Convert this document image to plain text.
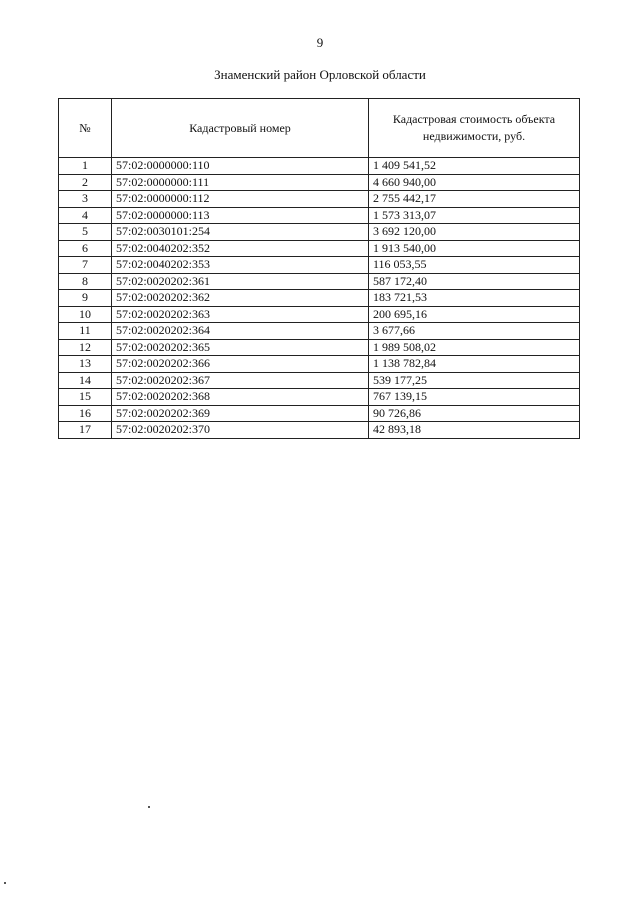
9
Знаменский район Орловской области
№	Кадастровый номер	Кадастровая стоимость объекта недвижимости, руб.
1	57:02:0000000:110	1 409 541,52
2	57:02:0000000:111	4 660 940,00
3	57:02:0000000:112	2 755 442,17
4	57:02:0000000:113	1 573 313,07
5	57:02:0030101:254	3 692 120,00
6	57:02:0040202:352	1 913 540,00
7	57:02:0040202:353	116 053,55
8	57:02:0020202:361	587 172,40
9	57:02:0020202:362	183 721,53
10	57:02:0020202:363	200 695,16
11	57:02:0020202:364	3 677,66
12	57:02:0020202:365	1 989 508,02
13	57:02:0020202:366	1 138 782,84
14	57:02:0020202:367	539 177,25
15	57:02:0020202:368	767 139,15
16	57:02:0020202:369	90 726,86
17	57:02:0020202:370	42 893,18
